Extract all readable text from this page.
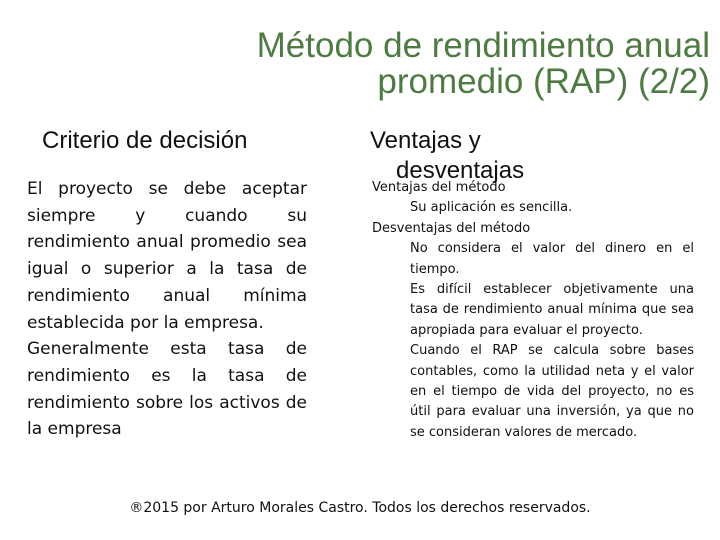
Método de rendimiento anual
promedio (RAP) (2/2)
Criterio de decisión
El proyecto se debe aceptar siempre y cuando su rendimiento anual promedio sea igual o superior a la tasa de rendimiento anual mínima establecida por la empresa.
Generalmente esta tasa de rendimiento es la tasa de rendimiento sobre los activos de la empresa
Ventajas y
desventajas

Ventajas del método

Su aplicación es sencilla.

Desventajas del método

No considera el valor del dinero en el tiempo.

Es difícil establecer objetivamente una tasa de rendimiento anual mínima que sea apropiada para evaluar el proyecto.

Cuando el RAP se calcula sobre bases contables, como la utilidad neta y el valor en el tiempo de vida del proyecto, no es útil para evaluar una inversión, ya que no se consideran valores de mercado.

®2015 por Arturo Morales Castro. Todos los derechos reservados.
